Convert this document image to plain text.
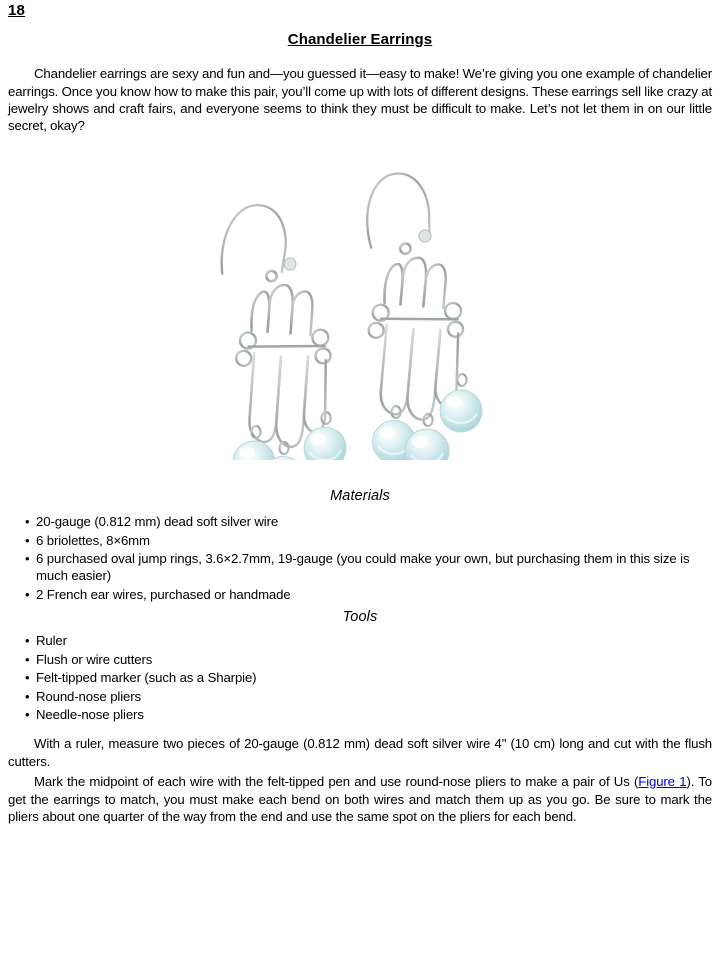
18
Chandelier Earrings

Chandelier earrings are sexy and fun and—you guessed it—easy to make! We’re giving you one example of chandelier earrings. Once you know how to make this pair, you’ll come up with lots of different designs. These earrings sell like crazy at jewelry shows and craft fairs, and everyone seems to think they must be difficult to make. Let’s not let them in on our little secret, okay?

Materials
• 20-gauge (0.812 mm) dead soft silver wire
• 6 briolettes, 8×6mm
• 6 purchased oval jump rings, 3.6×2.7mm, 19-gauge (you could make your own, but purchasing them in this size is much easier)
• 2 French ear wires, purchased or handmade
Tools
• Ruler
• Flush or wire cutters
• Felt-tipped marker (such as a Sharpie)
• Round-nose pliers
• Needle-nose pliers

With a ruler, measure two pieces of 20-gauge (0.812 mm) dead soft silver wire 4" (10 cm) long and cut with the flush cutters.

Mark the midpoint of each wire with the felt-tipped pen and use round-nose pliers to make a pair of Us (Figure 1). To get the earrings to match, you must make each bend on both wires and match them up as you go. Be sure to mark the pliers about one quarter of the way from the end and use the same spot on the pliers for each bend.
